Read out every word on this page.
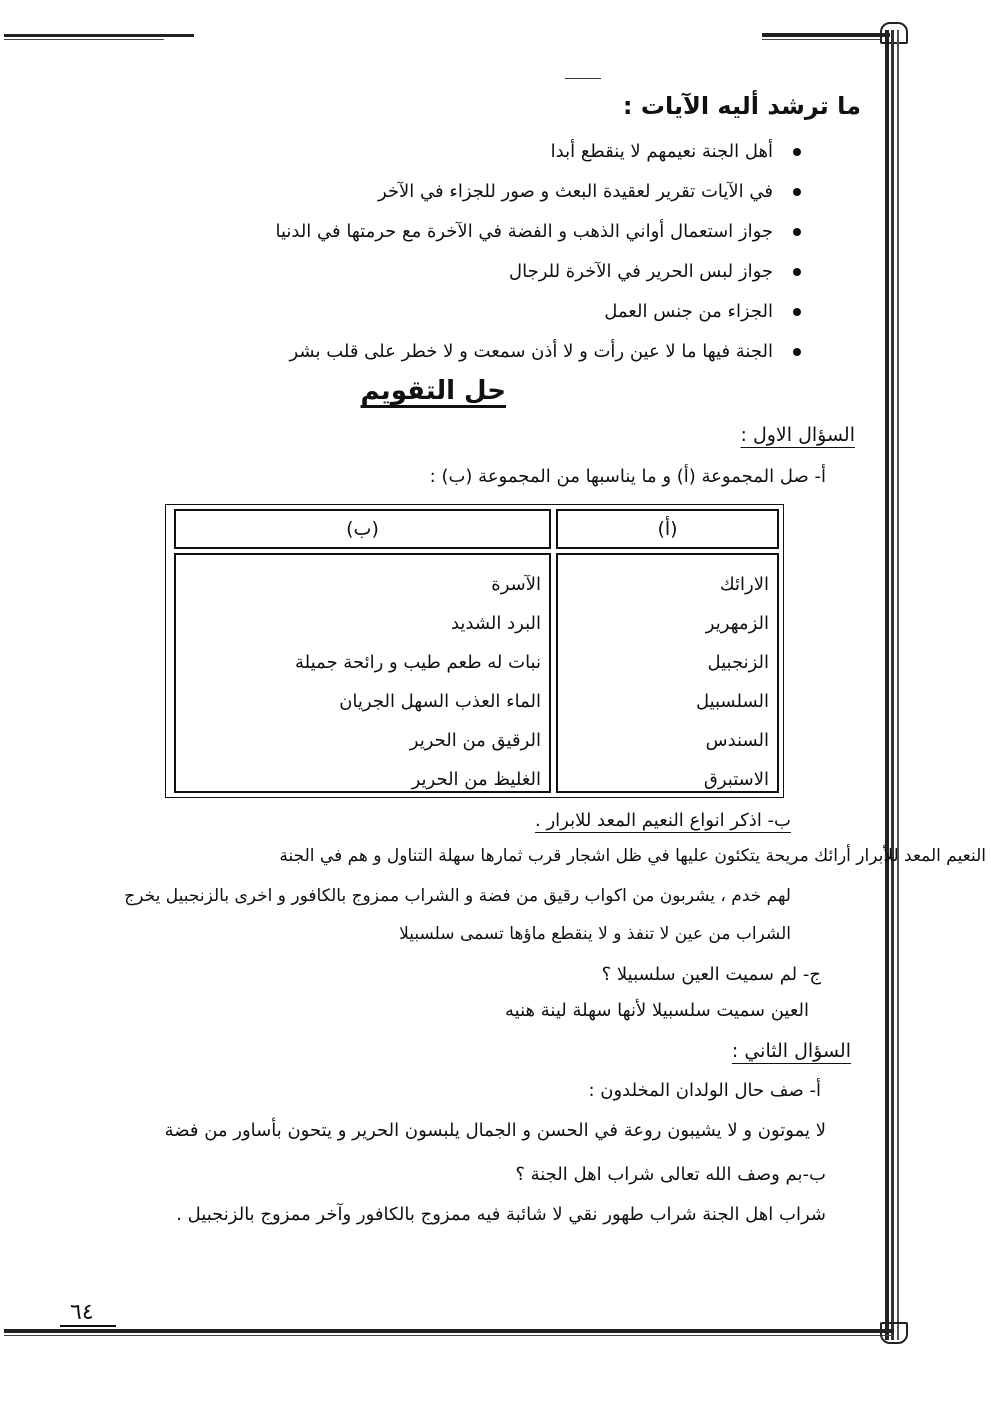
ما ترشد أليه الآيات :
أهل الجنة نعيمهم لا ينقطع أبدا
في الآيات تقرير لعقيدة البعث و صور للجزاء في الآخر
جواز استعمال أواني الذهب و الفضة في الآخرة مع حرمتها في الدنيا
جواز لبس الحرير في الآخرة للرجال
الجزاء من جنس العمل
الجنة فيها ما لا عين رأت و لا أذن سمعت و لا خطر على قلب بشر
حل التقويم
السؤال الاول :
أ- صل المجموعة (أ) و ما يناسبها من المجموعة (ب) :
(أ)
(ب)
الارائك
الزمهرير
الزنجبيل
السلسبيل
السندس
الاستبرق
الآسرة
البرد الشديد
نبات له طعم طيب و رائحة جميلة
الماء العذب السهل الجريان
الرقيق من الحرير
الغليظ من الحرير
ب- اذكر انواع النعيم المعد للابرار .
النعيم المعد للأبرار أرائك مريحة يتكئون عليها في ظل اشجار قرب ثمارها سهلة التناول و هم في الجنة
لهم خدم ، يشربون من اكواب رقيق من فضة و الشراب ممزوج بالكافور و اخرى بالزنجبيل يخرج
الشراب من عين لا تنفذ و لا ينقطع ماؤها تسمى سلسبيلا
ج- لم سميت العين سلسبيلا ؟
العين سميت سلسبيلا لأنها سهلة لينة هنيه
السؤال الثاني :
أ- صف حال الولدان المخلدون :
لا يموتون و لا يشيبون روعة في الحسن و الجمال يلبسون الحرير و يتحون بأساور من فضة
ب-بم وصف الله تعالى شراب اهل الجنة ؟
شراب اهل الجنة شراب طهور نقي لا شائبة فيه ممزوج بالكافور وآخر ممزوج بالزنجبيل .
٦٤
